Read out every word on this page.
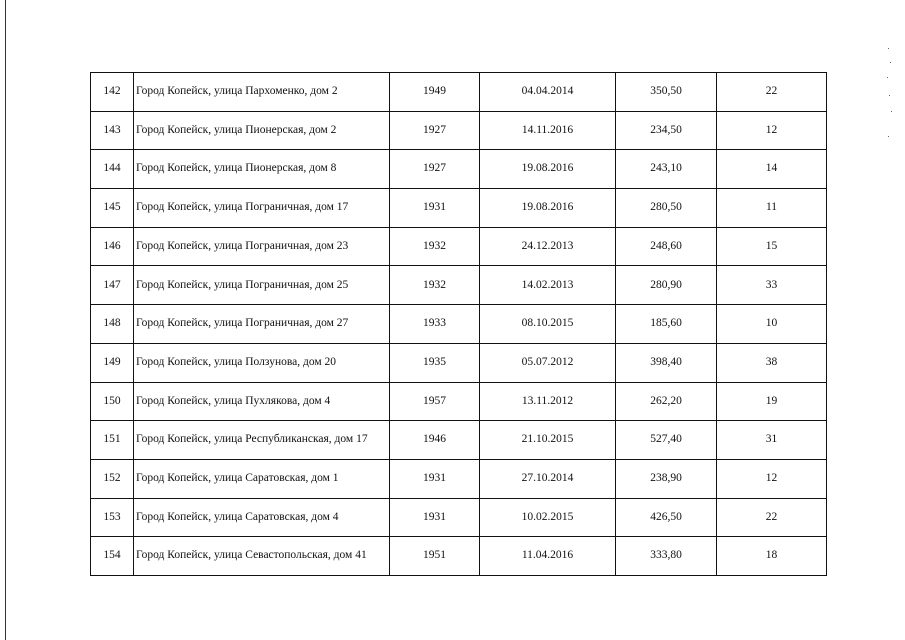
142	Город Копейск, улица Пархоменко, дом 2	1949	04.04.2014	350,50	22
143	Город Копейск, улица Пионерская, дом 2	1927	14.11.2016	234,50	12
144	Город Копейск, улица Пионерская, дом 8	1927	19.08.2016	243,10	14
145	Город Копейск, улица Пограничная, дом 17	1931	19.08.2016	280,50	11
146	Город Копейск, улица Пограничная, дом 23	1932	24.12.2013	248,60	15
147	Город Копейск, улица Пограничная, дом 25	1932	14.02.2013	280,90	33
148	Город Копейск, улица Пограничная, дом 27	1933	08.10.2015	185,60	10
149	Город Копейск, улица Ползунова, дом 20	1935	05.07.2012	398,40	38
150	Город Копейск, улица Пухлякова, дом 4	1957	13.11.2012	262,20	19
151	Город Копейск, улица Республиканская, дом 17	1946	21.10.2015	527,40	31
152	Город Копейск, улица Саратовская, дом 1	1931	27.10.2014	238,90	12
153	Город Копейск, улица Саратовская, дом 4	1931	10.02.2015	426,50	22
154	Город Копейск, улица Севастопольская, дом 41	1951	11.04.2016	333,80	18
